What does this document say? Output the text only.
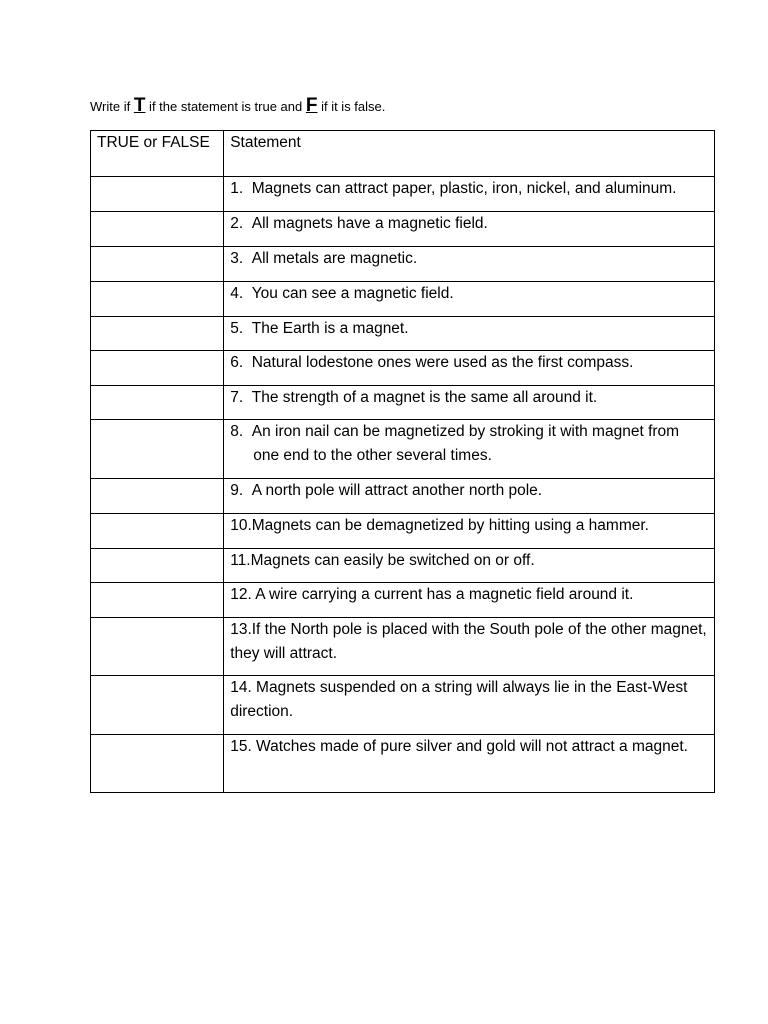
Write if T if the statement is true and F if it is false.
TRUE or FALSE	Statement

	1.  Magnets can attract paper, plastic, iron, nickel, and aluminum.

	2.  All magnets have a magnetic field.

	3.  All metals are magnetic.

	4.  You can see a magnetic field.

	5.  The Earth is a magnet.

	6.  Natural lodestone ones were used as the first compass.

	7.  The strength of a magnet is the same all around it.

	8.  An iron nail can be magnetized by stroking it with magnet from one end to the other several times.

	9.  A north pole will attract another north pole.

	10.Magnets can be demagnetized by hitting using a hammer.

	11.Magnets can easily be switched on or off.

	12. A wire carrying a current has a magnetic field around it.

	13.If the North pole is placed with the South pole of the other magnet, they will attract.

	14. Magnets suspended on a string will always lie in the East-West direction.

	15. Watches made of pure silver and gold will not attract a magnet.
